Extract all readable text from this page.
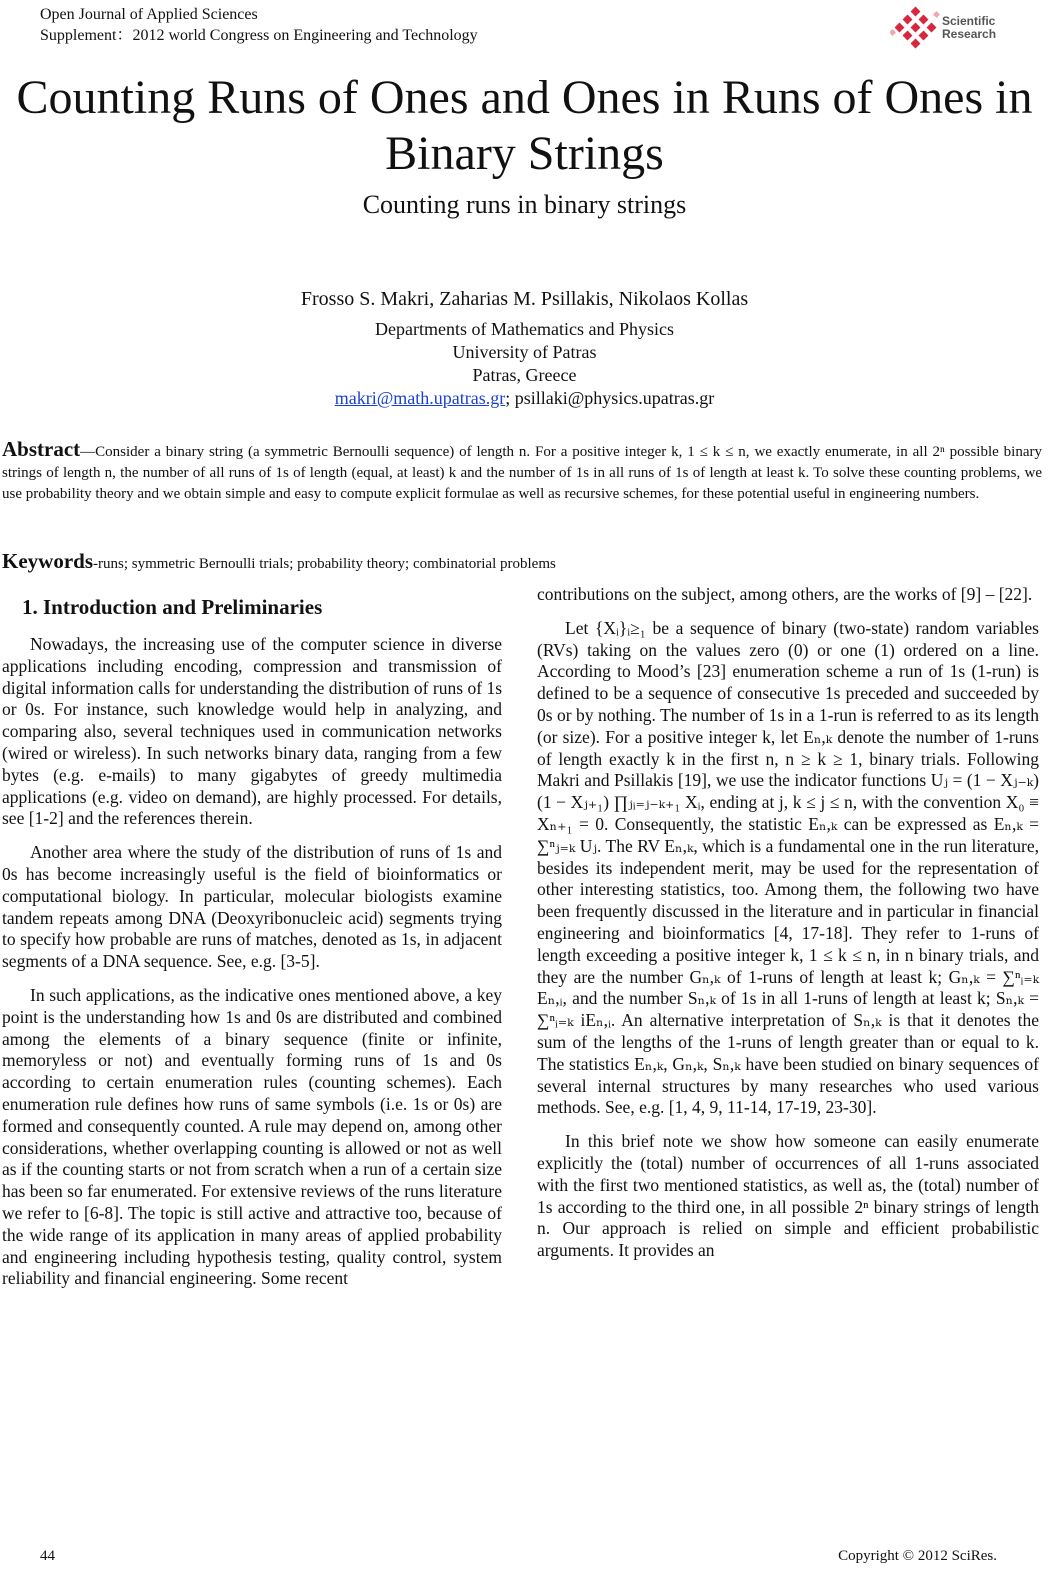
Open Journal of Applied Sciences
Supplement：2012 world Congress on Engineering and Technology
Scientific
Research
Counting Runs of Ones and Ones in Runs of Ones in Binary Strings
Counting runs in binary strings
Frosso S. Makri, Zaharias M. Psillakis, Nikolaos Kollas
Departments of Mathematics and Physics
University of Patras
Patras, Greece
makri@math.upatras.gr; psillaki@physics.upatras.gr
Abstract—Consider a binary string (a symmetric Bernoulli sequence) of length n. For a positive integer k, 1 ≤ k ≤ n, we exactly enumerate, in all 2ⁿ possible binary strings of length n, the number of all runs of 1s of length (equal, at least) k and the number of 1s in all runs of 1s of length at least k. To solve these counting problems, we use probability theory and we obtain simple and easy to compute explicit formulae as well as recursive schemes, for these potential useful in engineering numbers.
Keywords-runs; symmetric Bernoulli trials; probability theory; combinatorial problems
1. Introduction and Preliminaries

Nowadays, the increasing use of the computer science in diverse applications including encoding, compression and transmission of digital information calls for understanding the distribution of runs of 1s or 0s. For instance, such knowledge would help in analyzing, and comparing also, several techniques used in communication networks (wired or wireless). In such networks binary data, ranging from a few bytes (e.g. e-mails) to many gigabytes of greedy multimedia applications (e.g. video on demand), are highly processed. For details, see [1-2] and the references therein.

Another area where the study of the distribution of runs of 1s and 0s has become increasingly useful is the field of bioinformatics or computational biology. In particular, molecular biologists examine tandem repeats among DNA (Deoxyribonucleic acid) segments trying to specify how probable are runs of matches, denoted as 1s, in adjacent segments of a DNA sequence. See, e.g. [3-5].

In such applications, as the indicative ones mentioned above, a key point is the understanding how 1s and 0s are distributed and combined among the elements of a binary sequence (finite or infinite, memoryless or not) and eventually forming runs of 1s and 0s according to certain enumeration rules (counting schemes). Each enumeration rule defines how runs of same symbols (i.e. 1s or 0s) are formed and consequently counted. A rule may depend on, among other considerations, whether overlapping counting is allowed or not as well as if the counting starts or not from scratch when a run of a certain size has been so far enumerated. For extensive reviews of the runs literature we refer to [6-8]. The topic is still active and attractive too, because of the wide range of its application in many areas of applied probability and engineering including hypothesis testing, quality control, system reliability and financial engineering. Some recent

contributions on the subject, among others, are the works of [9] – [22].

Let {Xᵢ}ᵢ≥₁ be a sequence of binary (two-state) random variables (RVs) taking on the values zero (0) or one (1) ordered on a line. According to Mood’s [23] enumeration scheme a run of 1s (1-run) is defined to be a sequence of consecutive 1s preceded and succeeded by 0s or by nothing. The number of 1s in a 1-run is referred to as its length (or size). For a positive integer k, let Eₙ,ₖ denote the number of 1-runs of length exactly k in the first n, n ≥ k ≥ 1, binary trials. Following Makri and Psillakis [19], we use the indicator functions Uⱼ = (1 − Xⱼ₋ₖ)(1 − Xⱼ₊₁) ∏ⱼᵢ₌ⱼ₋ₖ₊₁ Xᵢ, ending at j, k ≤ j ≤ n, with the convention X₀ ≡ Xₙ₊₁ = 0. Consequently, the statistic Eₙ,ₖ can be expressed as Eₙ,ₖ = ∑ⁿⱼ₌ₖ Uⱼ. The RV Eₙ,ₖ, which is a fundamental one in the run literature, besides its independent merit, may be used for the representation of other interesting statistics, too. Among them, the following two have been frequently discussed in the literature and in particular in financial engineering and bioinformatics [4, 17-18]. They refer to 1-runs of length exceeding a positive integer k, 1 ≤ k ≤ n, in n binary trials, and they are the number Gₙ,ₖ of 1-runs of length at least k; Gₙ,ₖ = ∑ⁿᵢ₌ₖ Eₙ,ᵢ, and the number Sₙ,ₖ of 1s in all 1-runs of length at least k; Sₙ,ₖ = ∑ⁿᵢ₌ₖ iEₙ,ᵢ. An alternative interpretation of Sₙ,ₖ is that it denotes the sum of the lengths of the 1-runs of length greater than or equal to k. The statistics Eₙ,ₖ, Gₙ,ₖ, Sₙ,ₖ have been studied on binary sequences of several internal structures by many researches who used various methods. See, e.g. [1, 4, 9, 11-14, 17-19, 23-30].

In this brief note we show how someone can easily enumerate explicitly the (total) number of occurrences of all 1-runs associated with the first two mentioned statistics, as well as, the (total) number of 1s according to the third one, in all possible 2ⁿ binary strings of length n. Our approach is relied on simple and efficient probabilistic arguments. It provides an

44	Copyright © 2012 SciRes.
